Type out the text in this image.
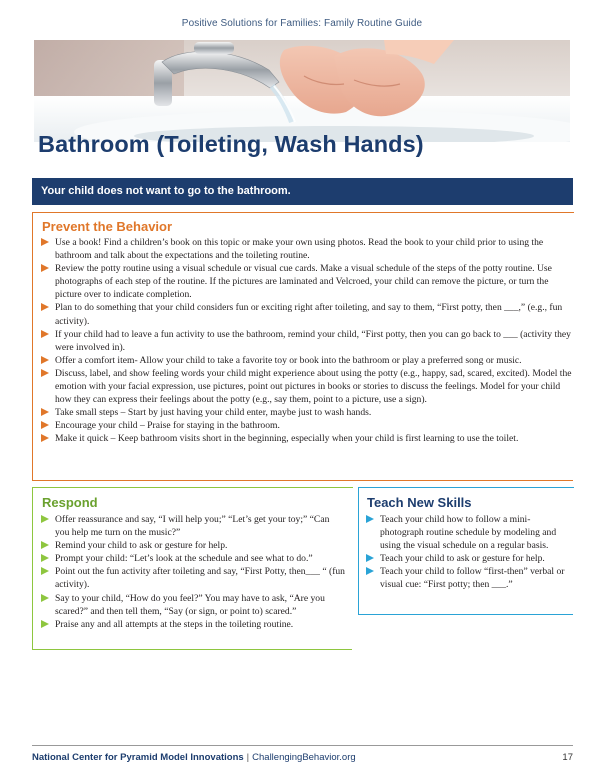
Positive Solutions for Families: Family Routine Guide
Bathroom (Toileting, Wash Hands)
Your child does not want to go to the bathroom.
Prevent the Behavior
Use a book! Find a children’s book on this topic or make your own using photos. Read the book to your child prior to using the bathroom and talk about the expectations and the toileting routine.
Review the potty routine using a visual schedule or visual cue cards. Make a visual schedule of the steps of the potty routine. Use photographs of each step of the routine. If the pictures are laminated and Velcroed, your child can remove the picture, or turn the picture over to indicate completion.
Plan to do something that your child considers fun or exciting right after toileting, and say to them, “First potty, then ___,” (e.g., fun activity).
If your child had to leave a fun activity to use the bathroom, remind your child, “First potty, then you can go back to ___ (activity they were involved in).
Offer a comfort item- Allow your child to take a favorite toy or book into the bathroom or play a preferred song or music.
Discuss, label, and show feeling words your child might experience about using the potty (e.g., happy, sad, scared, excited). Model the emotion with your facial expression, use pictures, point out pictures in books or stories to discuss the feelings. Model for your child how they can express their feelings about the potty (e.g., say them, point to a picture, use a sign).
Take small steps – Start by just having your child enter, maybe just to wash hands.
Encourage your child – Praise for staying in the bathroom.
Make it quick – Keep bathroom visits short in the beginning, especially when your child is first learning to use the toilet.
Respond
Offer reassurance and say, “I will help you;” “Let’s get your toy;” “Can you help me turn on the music?”
Remind your child to ask or gesture for help.
Prompt your child: “Let’s look at the schedule and see what to do.”
Point out the fun activity after toileting and say, “First Potty, then___ “ (fun activity).
Say to your child, “How do you feel?” You may have to ask, “Are you scared?” and then tell them, “Say (or sign, or point to) scared.”
Praise any and all attempts at the steps in the toileting routine.
Teach New Skills
Teach your child how to follow a mini-photograph routine schedule by modeling and using the visual schedule on a regular basis.
Teach your child to ask or gesture for help.
Teach your child to follow “first-then” verbal or visual cue: “First potty; then ___.”
National Center for Pyramid Model Innovations | ChallengingBehavior.org	17
